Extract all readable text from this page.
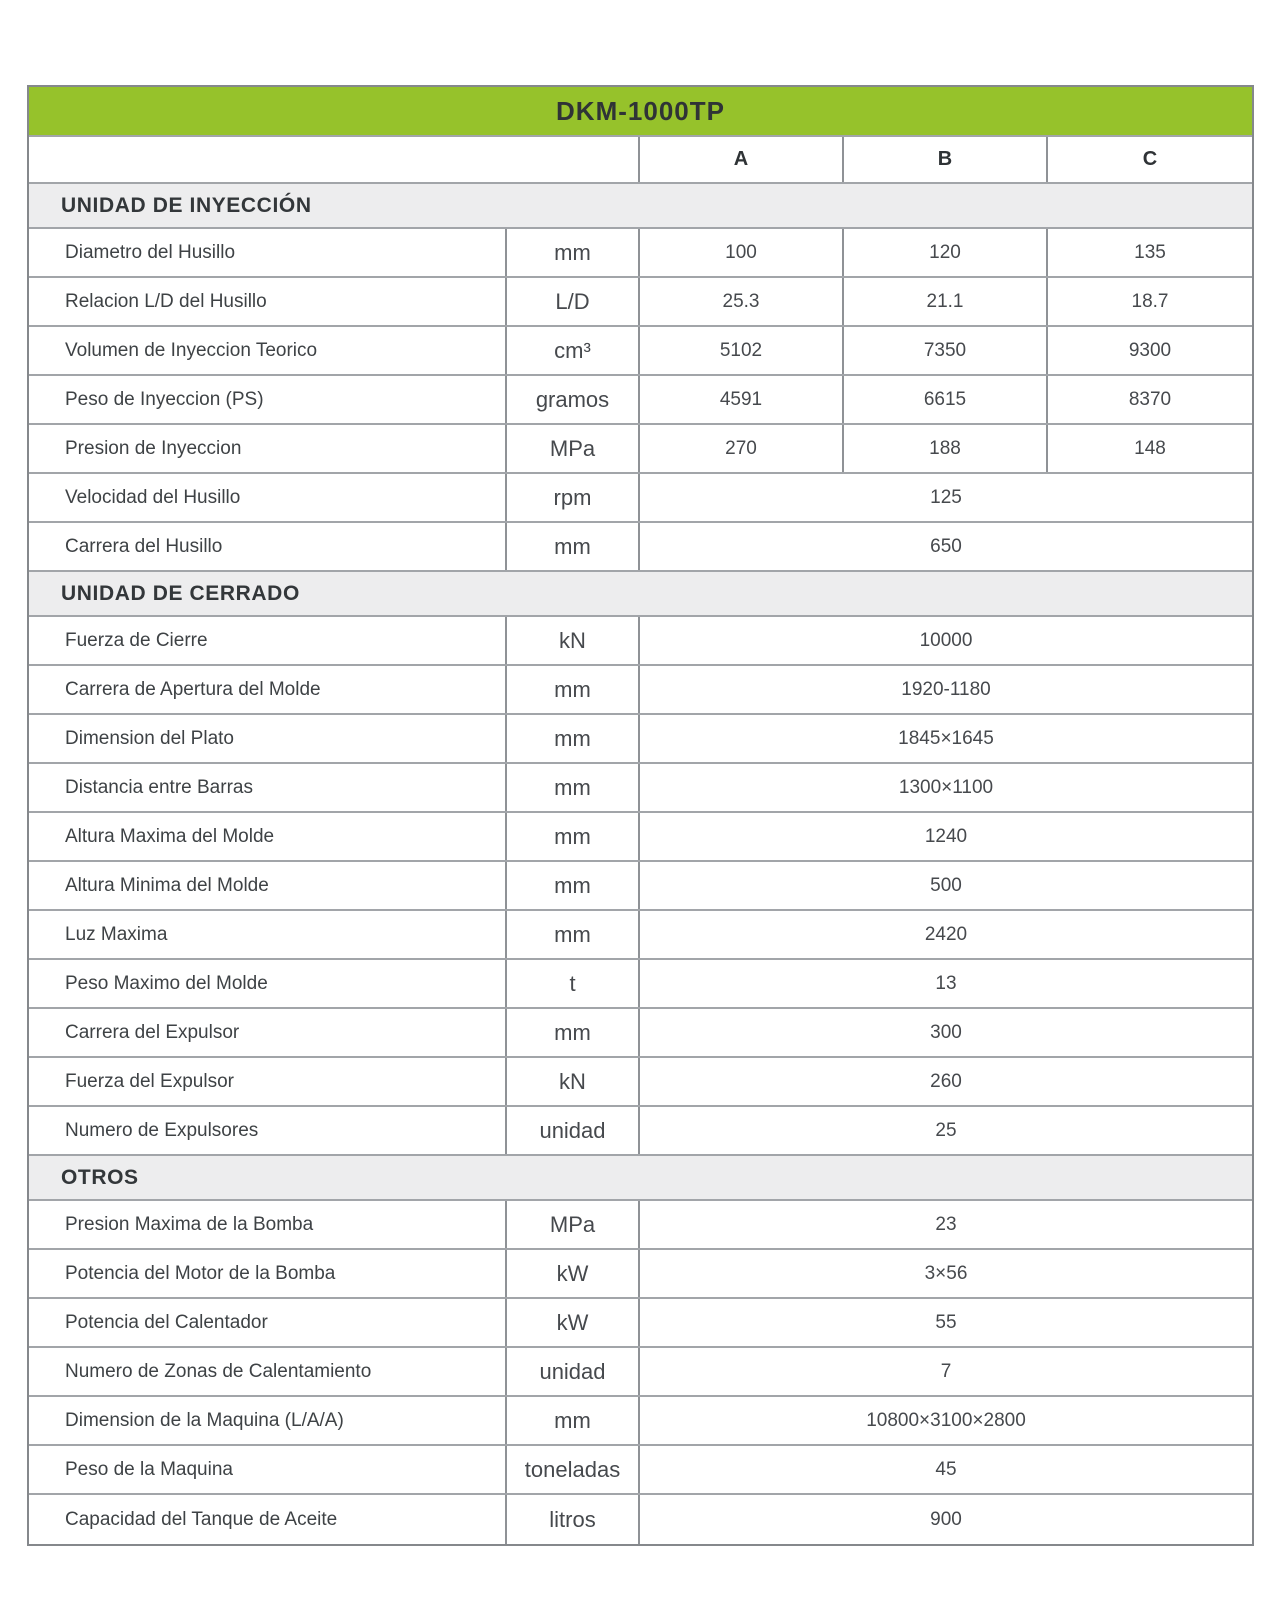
DKM-1000TP
A	B	C
UNIDAD DE INYECCIÓN
Diametro del Husillo	mm	100	120	135
Relacion L/D del Husillo	L/D	25.3	21.1	18.7
Volumen de Inyeccion Teorico	cm³	5102	7350	9300
Peso de Inyeccion (PS)	gramos	4591	6615	8370
Presion de Inyeccion	MPa	270	188	148
Velocidad del Husillo	rpm	125
Carrera del Husillo	mm	650
UNIDAD DE CERRADO
Fuerza de Cierre	kN	10000
Carrera de Apertura del Molde	mm	1920-1180
Dimension del Plato	mm	1845×1645
Distancia entre Barras	mm	1300×1100
Altura Maxima del Molde	mm	1240
Altura Minima del Molde	mm	500
Luz Maxima	mm	2420
Peso Maximo del Molde	t	13
Carrera del Expulsor	mm	300
Fuerza del Expulsor	kN	260
Numero de Expulsores	unidad	25
OTROS
Presion Maxima de la Bomba	MPa	23
Potencia del Motor de la Bomba	kW	3×56
Potencia del Calentador	kW	55
Numero de Zonas de Calentamiento	unidad	7
Dimension de la Maquina (L/A/A)	mm	10800×3100×2800
Peso de la Maquina	toneladas	45
Capacidad del Tanque de Aceite	litros	900
